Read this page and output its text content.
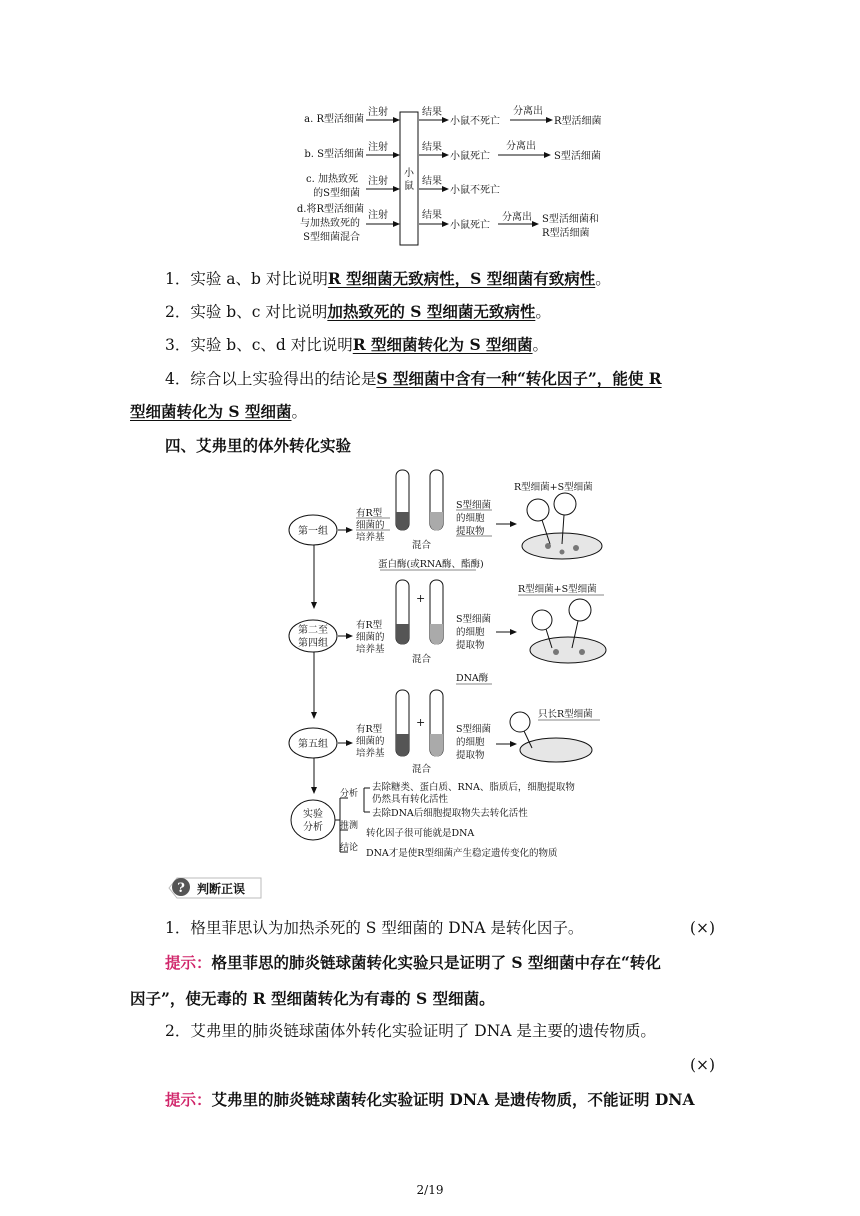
小
鼠
a. R型活细菌
注射	结果
小鼠不死亡
分离出
R型活细菌
b. S型活细菌
注射	结果
小鼠死亡
分离出
S型活细菌
c. 加热致死
的S型细菌
注射	结果
小鼠不死亡
d.将R型活细菌
与加热致死的
S型细菌混合
注射	结果
小鼠死亡
分离出 S型活细菌和
R型活细菌
1．实验 a、b 对比说明R 型细菌无致病性，S 型细菌有致病性。
2．实验 b、c 对比说明加热致死的 S 型细菌无致病性。
3．实验 b、c、d 对比说明R 型细菌转化为 S 型细菌。
4．综合以上实验得出的结论是S 型细菌中含有一种“转化因子”，能使 R
型细菌转化为 S 型细菌。
四、艾弗里的体外转化实验
第一组
有R型
细菌的
培养基
混合
S型细菌
的细胞
提取物
R型细菌+S型细菌
蛋白酶(或RNA酶、酯酶)
第二至
第四组
有R型
细菌的
培养基
+
混合
S型细菌
的细胞
提取物
R型细菌+S型细菌
DNA酶
第五组
有R型
细菌的
培养基
+
混合
S型细菌
的细胞
提取物
只长R型细菌
实验
分析
分析
去除糖类、蛋白质、RNA、脂质后，细胞提取物
仍然具有转化活性
去除DNA后细胞提取物失去转化活性
推测
转化因子很可能就是DNA
结论 DNA才是使R型细菌产生稳定遗传变化的物质
? 判断正误
1．格里菲思认为加热杀死的 S 型细菌的 DNA 是转化因子。	(×)
提示：格里菲思的肺炎链球菌转化实验只是证明了 S 型细菌中存在“转化
因子”，使无毒的 R 型细菌转化为有毒的 S 型细菌。
2．艾弗里的肺炎链球菌体外转化实验证明了 DNA 是主要的遗传物质。
(×)
提示：艾弗里的肺炎链球菌转化实验证明 DNA 是遗传物质，不能证明 DNA
2/19
